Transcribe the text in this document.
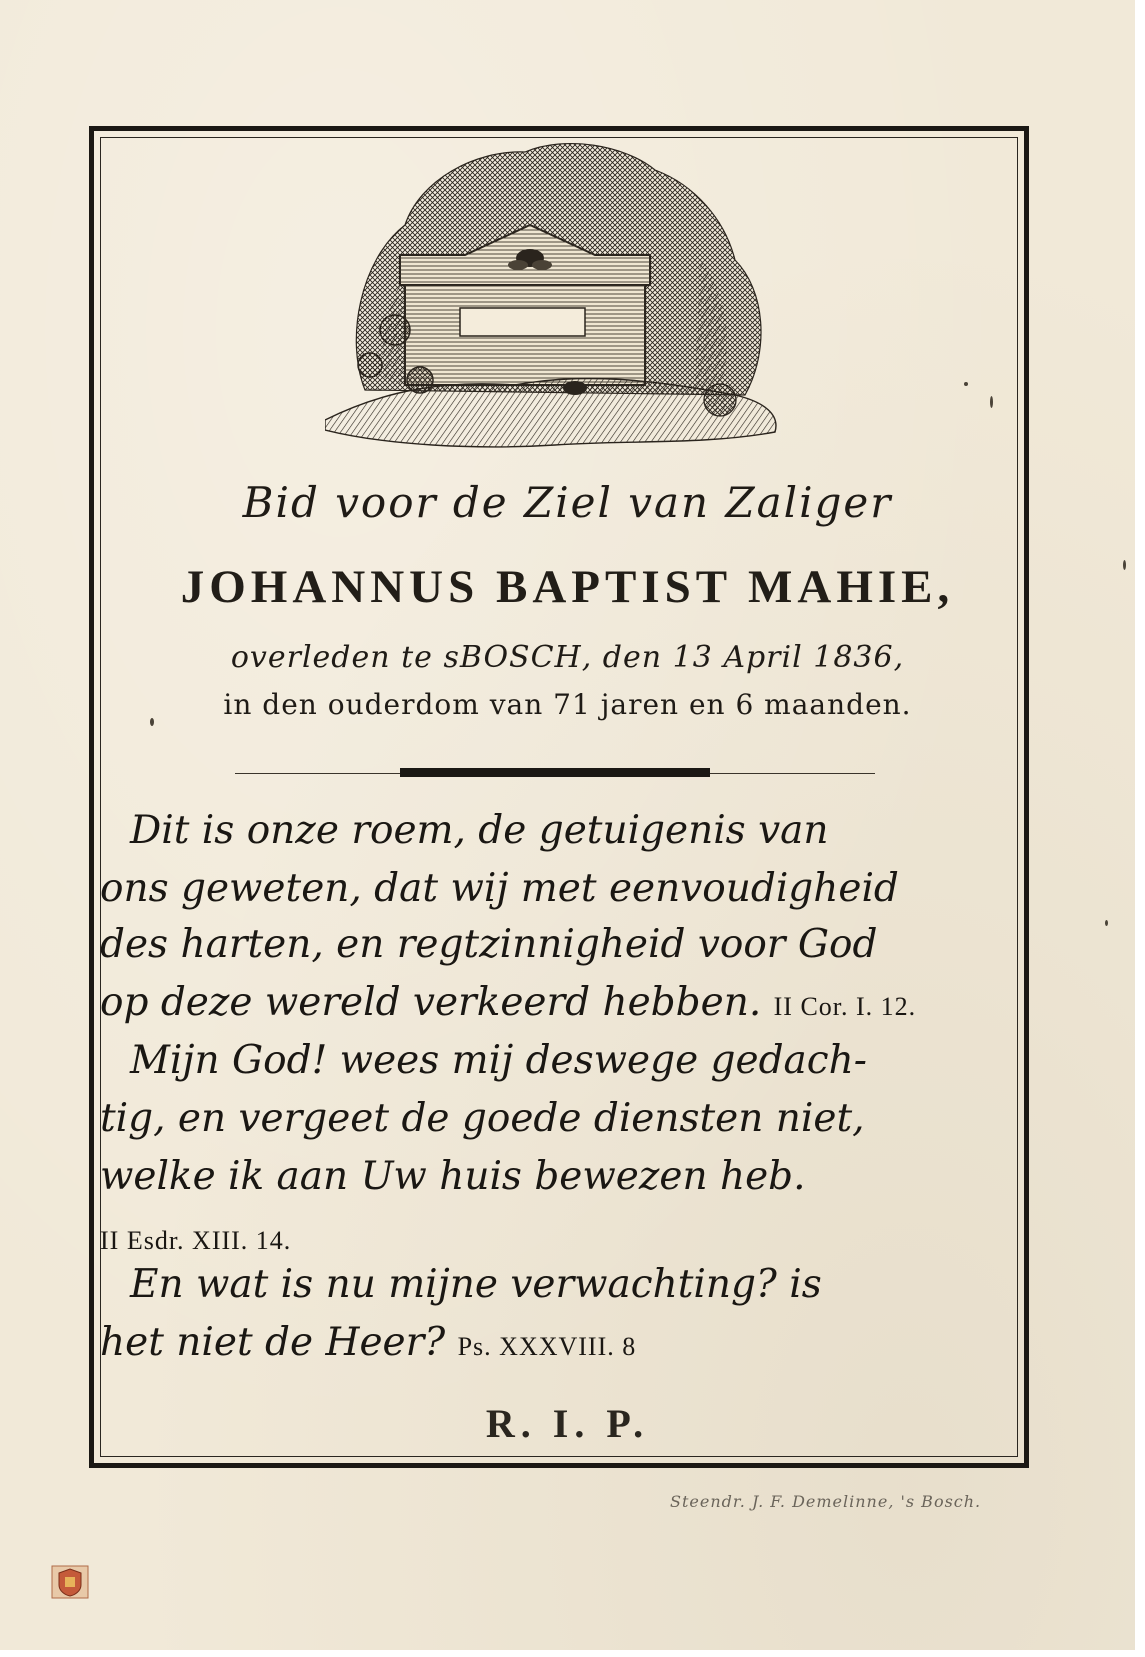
Bid voor de Ziel van Zaliger
JOHANNUS BAPTIST MAHIE,
overleden te sBOSCH, den 13 April 1836,
in den ouderdom van 71 jaren en 6 maanden.
Dit is onze roem, de getuigenis van
ons geweten, dat wij met eenvoudigheid
des harten, en regtzinnigheid voor God
op deze wereld verkeerd hebben. II Cor. I. 12.
Mijn God! wees mij deswege gedach-
tig, en vergeet de goede diensten niet,
welke ik aan Uw huis bewezen heb.
II Esdr. XIII. 14.
En wat is nu mijne verwachting? is
het niet de Heer? Ps. XXXVIII. 8
R. I. P.
Steendr. J. F. Demelinne, 's Bosch.
